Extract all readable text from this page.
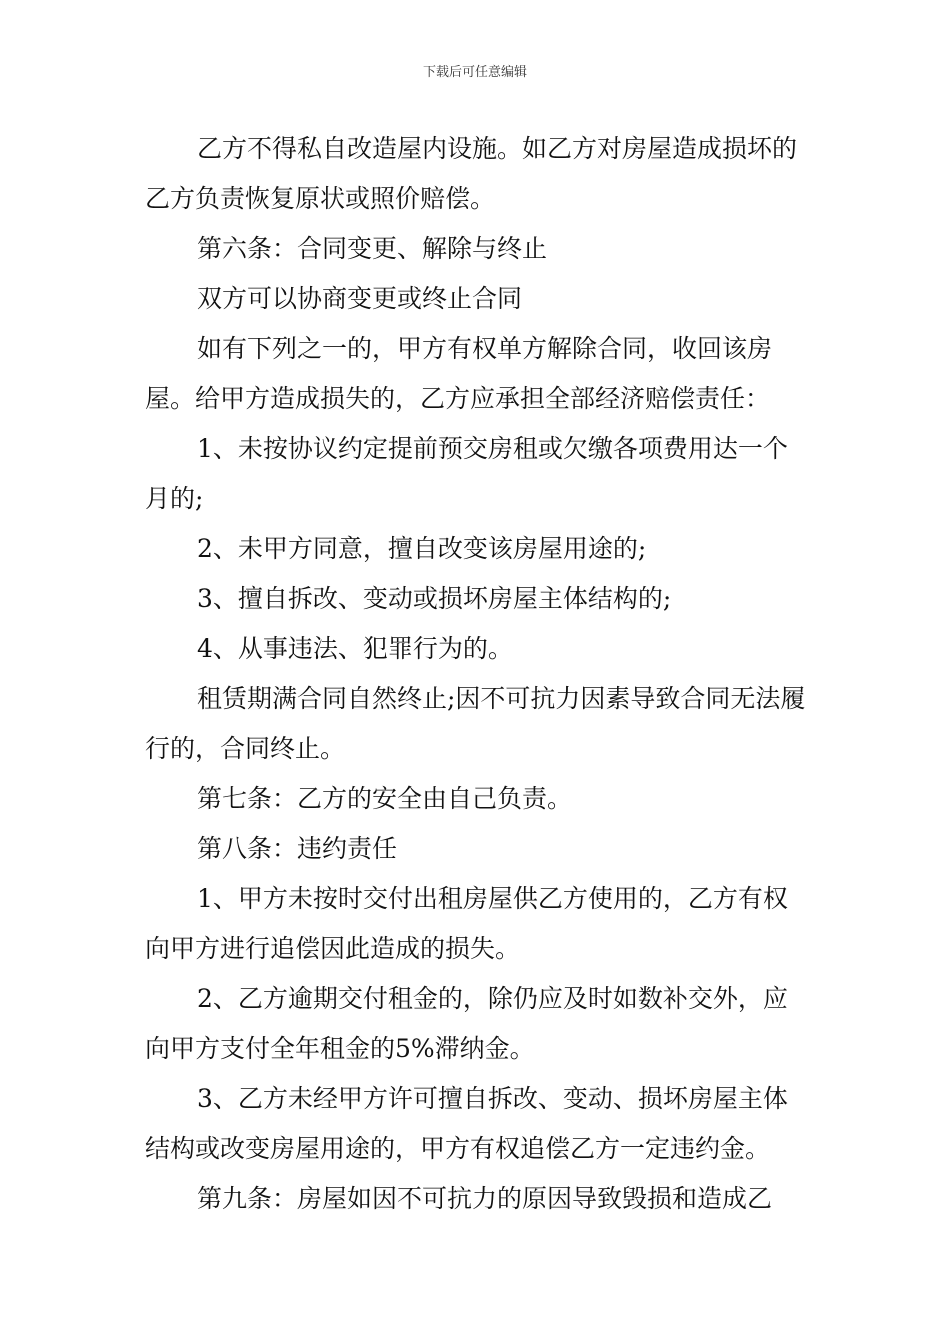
下载后可任意编辑

乙方不得私自改造屋内设施。如乙方对房屋造成损坏的乙方负责恢复原状或照价赔偿。

第六条：合同变更、解除与终止

双方可以协商变更或终止合同

如有下列之一的，甲方有权单方解除合同，收回该房屋。给甲方造成损失的，乙方应承担全部经济赔偿责任：

1、未按协议约定提前预交房租或欠缴各项费用达一个月的;

2、未甲方同意，擅自改变该房屋用途的;

3、擅自拆改、变动或损坏房屋主体结构的;

4、从事违法、犯罪行为的。

租赁期满合同自然终止;因不可抗力因素导致合同无法履行的，合同终止。

第七条：乙方的安全由自己负责。

第八条：违约责任

1、甲方未按时交付出租房屋供乙方使用的，乙方有权向甲方进行追偿因此造成的损失。

2、乙方逾期交付租金的，除仍应及时如数补交外，应向甲方支付全年租金的5%滞纳金。

3、乙方未经甲方许可擅自拆改、变动、损坏房屋主体结构或改变房屋用途的，甲方有权追偿乙方一定违约金。

第九条：房屋如因不可抗力的原因导致毁损和造成乙
